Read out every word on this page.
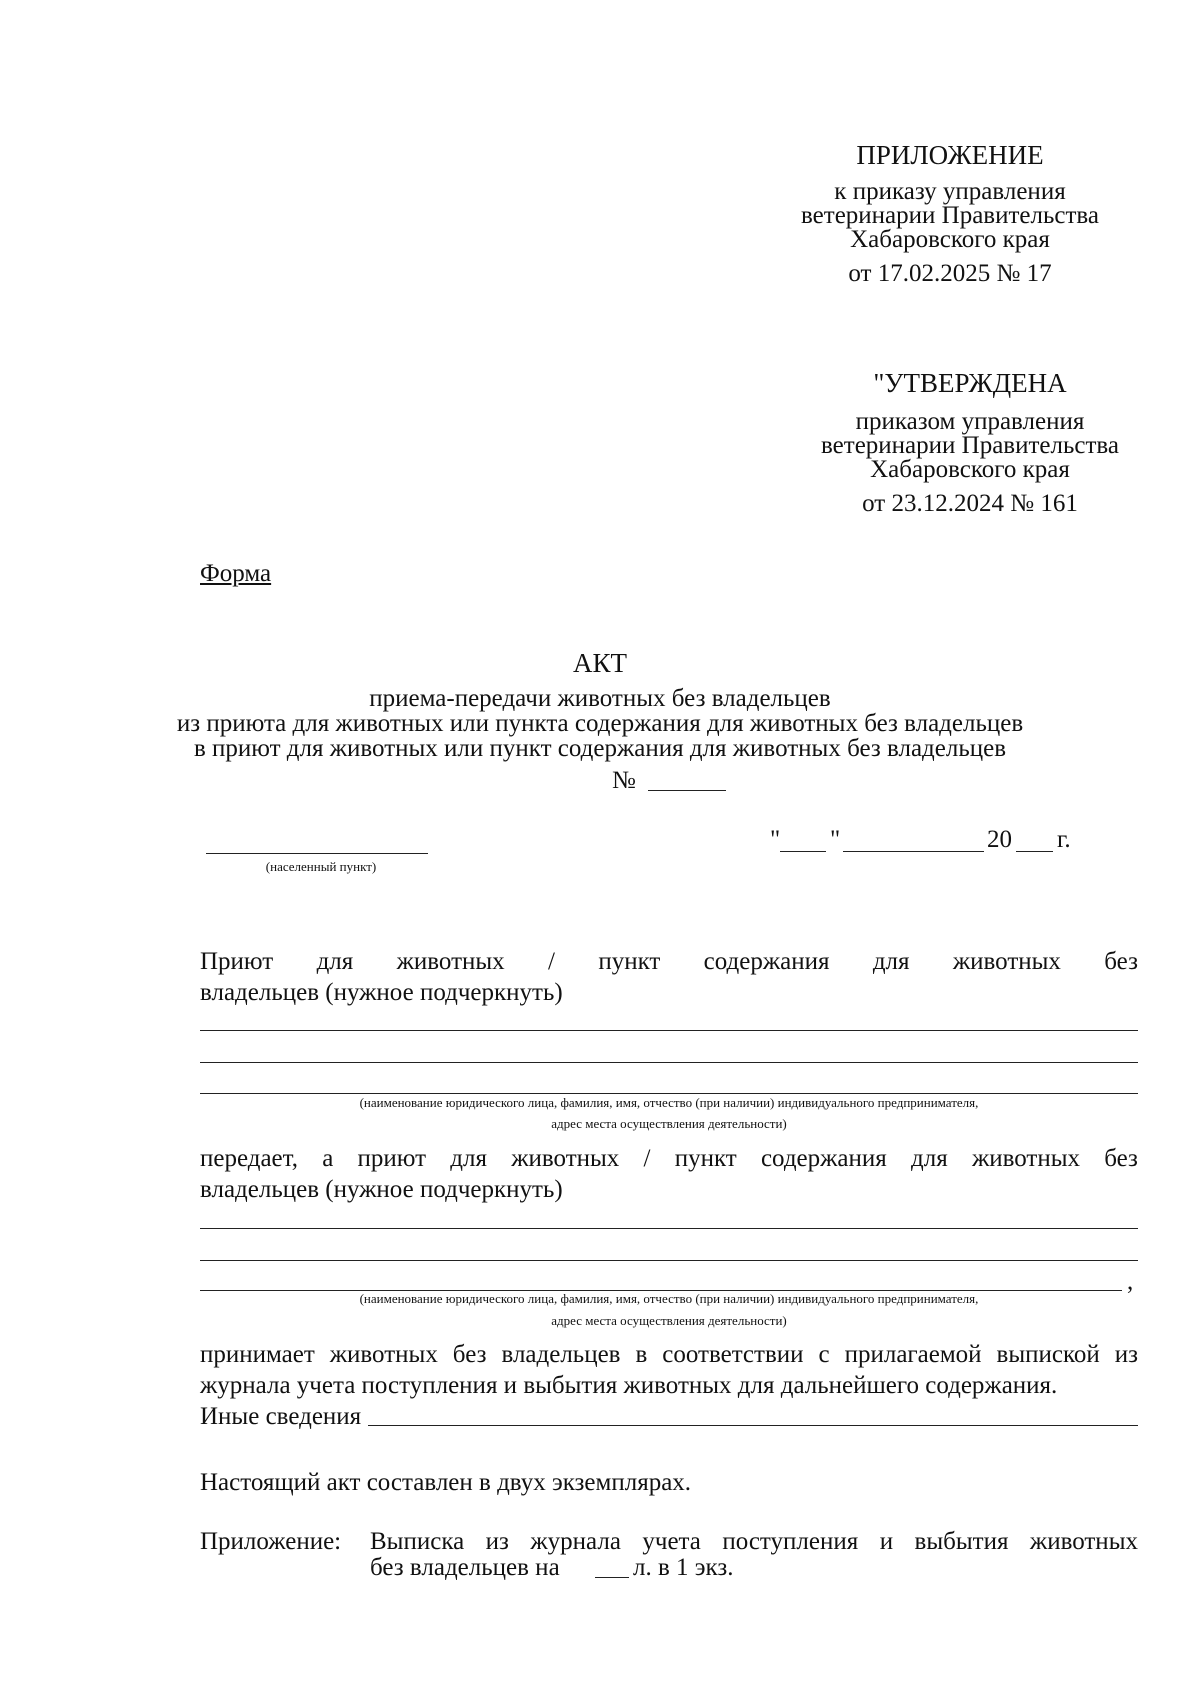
ПРИЛОЖЕНИЕ
к приказу управления
ветеринарии Правительства
Хабаровского края
от 17.02.2025 № 17
"УТВЕРЖДЕНА
приказом управления
ветеринарии Правительства
Хабаровского края
от 23.12.2024 № 161
Форма
АКТ
приема-передачи животных без владельцев
из приюта для животных или пункта содержания для животных без владельцев
в приют для животных или пункт содержания для животных без владельцев
№
(населенный пункт)
" "	20 г.
Приют для животных / пункт содержания для животных без
владельцев (нужное подчеркнуть)
(наименование юридического лица, фамилия, имя, отчество (при наличии) индивидуального предпринимателя,
адрес места осуществления деятельности)
передает, а приют для животных / пункт содержания для животных без
владельцев (нужное подчеркнуть)
,
(наименование юридического лица, фамилия, имя, отчество (при наличии) индивидуального предпринимателя,
адрес места осуществления деятельности)
принимает животных без владельцев в соответствии с прилагаемой выпиской из
журнала учета поступления и выбытия животных для дальнейшего содержания.
Иные сведения
Настоящий акт составлен в двух экземплярах.
Приложение: Выписка из журнала учета поступления и выбытия животных
без владельцев на	л. в 1 экз.
